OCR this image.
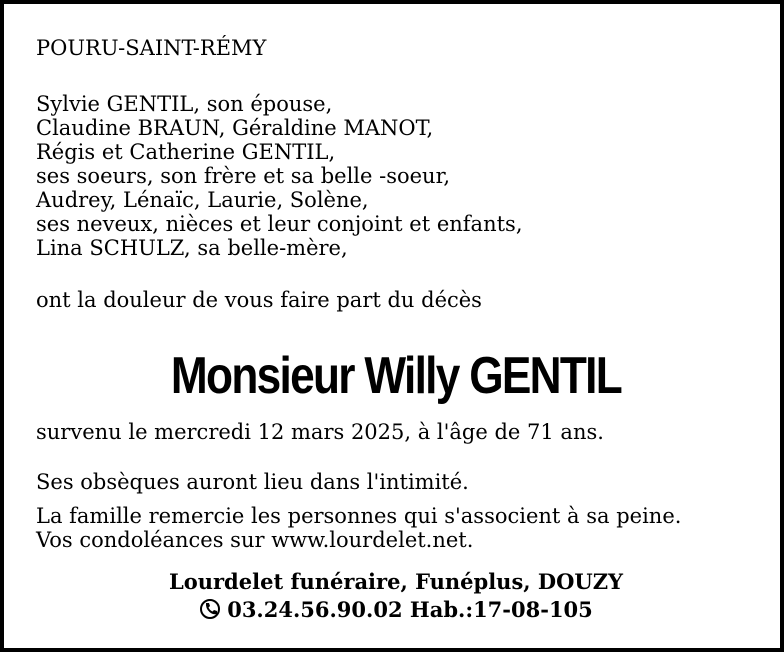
POURU-SAINT-RÉMY
Sylvie GENTIL, son épouse,
Claudine BRAUN, Géraldine MANOT,
Régis et Catherine GENTIL,
ses soeurs, son frère et sa belle -soeur,
Audrey, Lénaïc, Laurie, Solène,
ses neveux, nièces et leur conjoint et enfants,
Lina SCHULZ, sa belle-mère,
ont la douleur de vous faire part du décès
Monsieur Willy GENTIL
survenu le mercredi 12 mars 2025, à l'âge de 71 ans.
Ses obsèques auront lieu dans l'intimité.
La famille remercie les personnes qui s'associent à sa peine.
Vos condoléances sur www.lourdelet.net.
Lourdelet funéraire, Funéplus, DOUZY
03.24.56.90.02 Hab.:17-08-105
